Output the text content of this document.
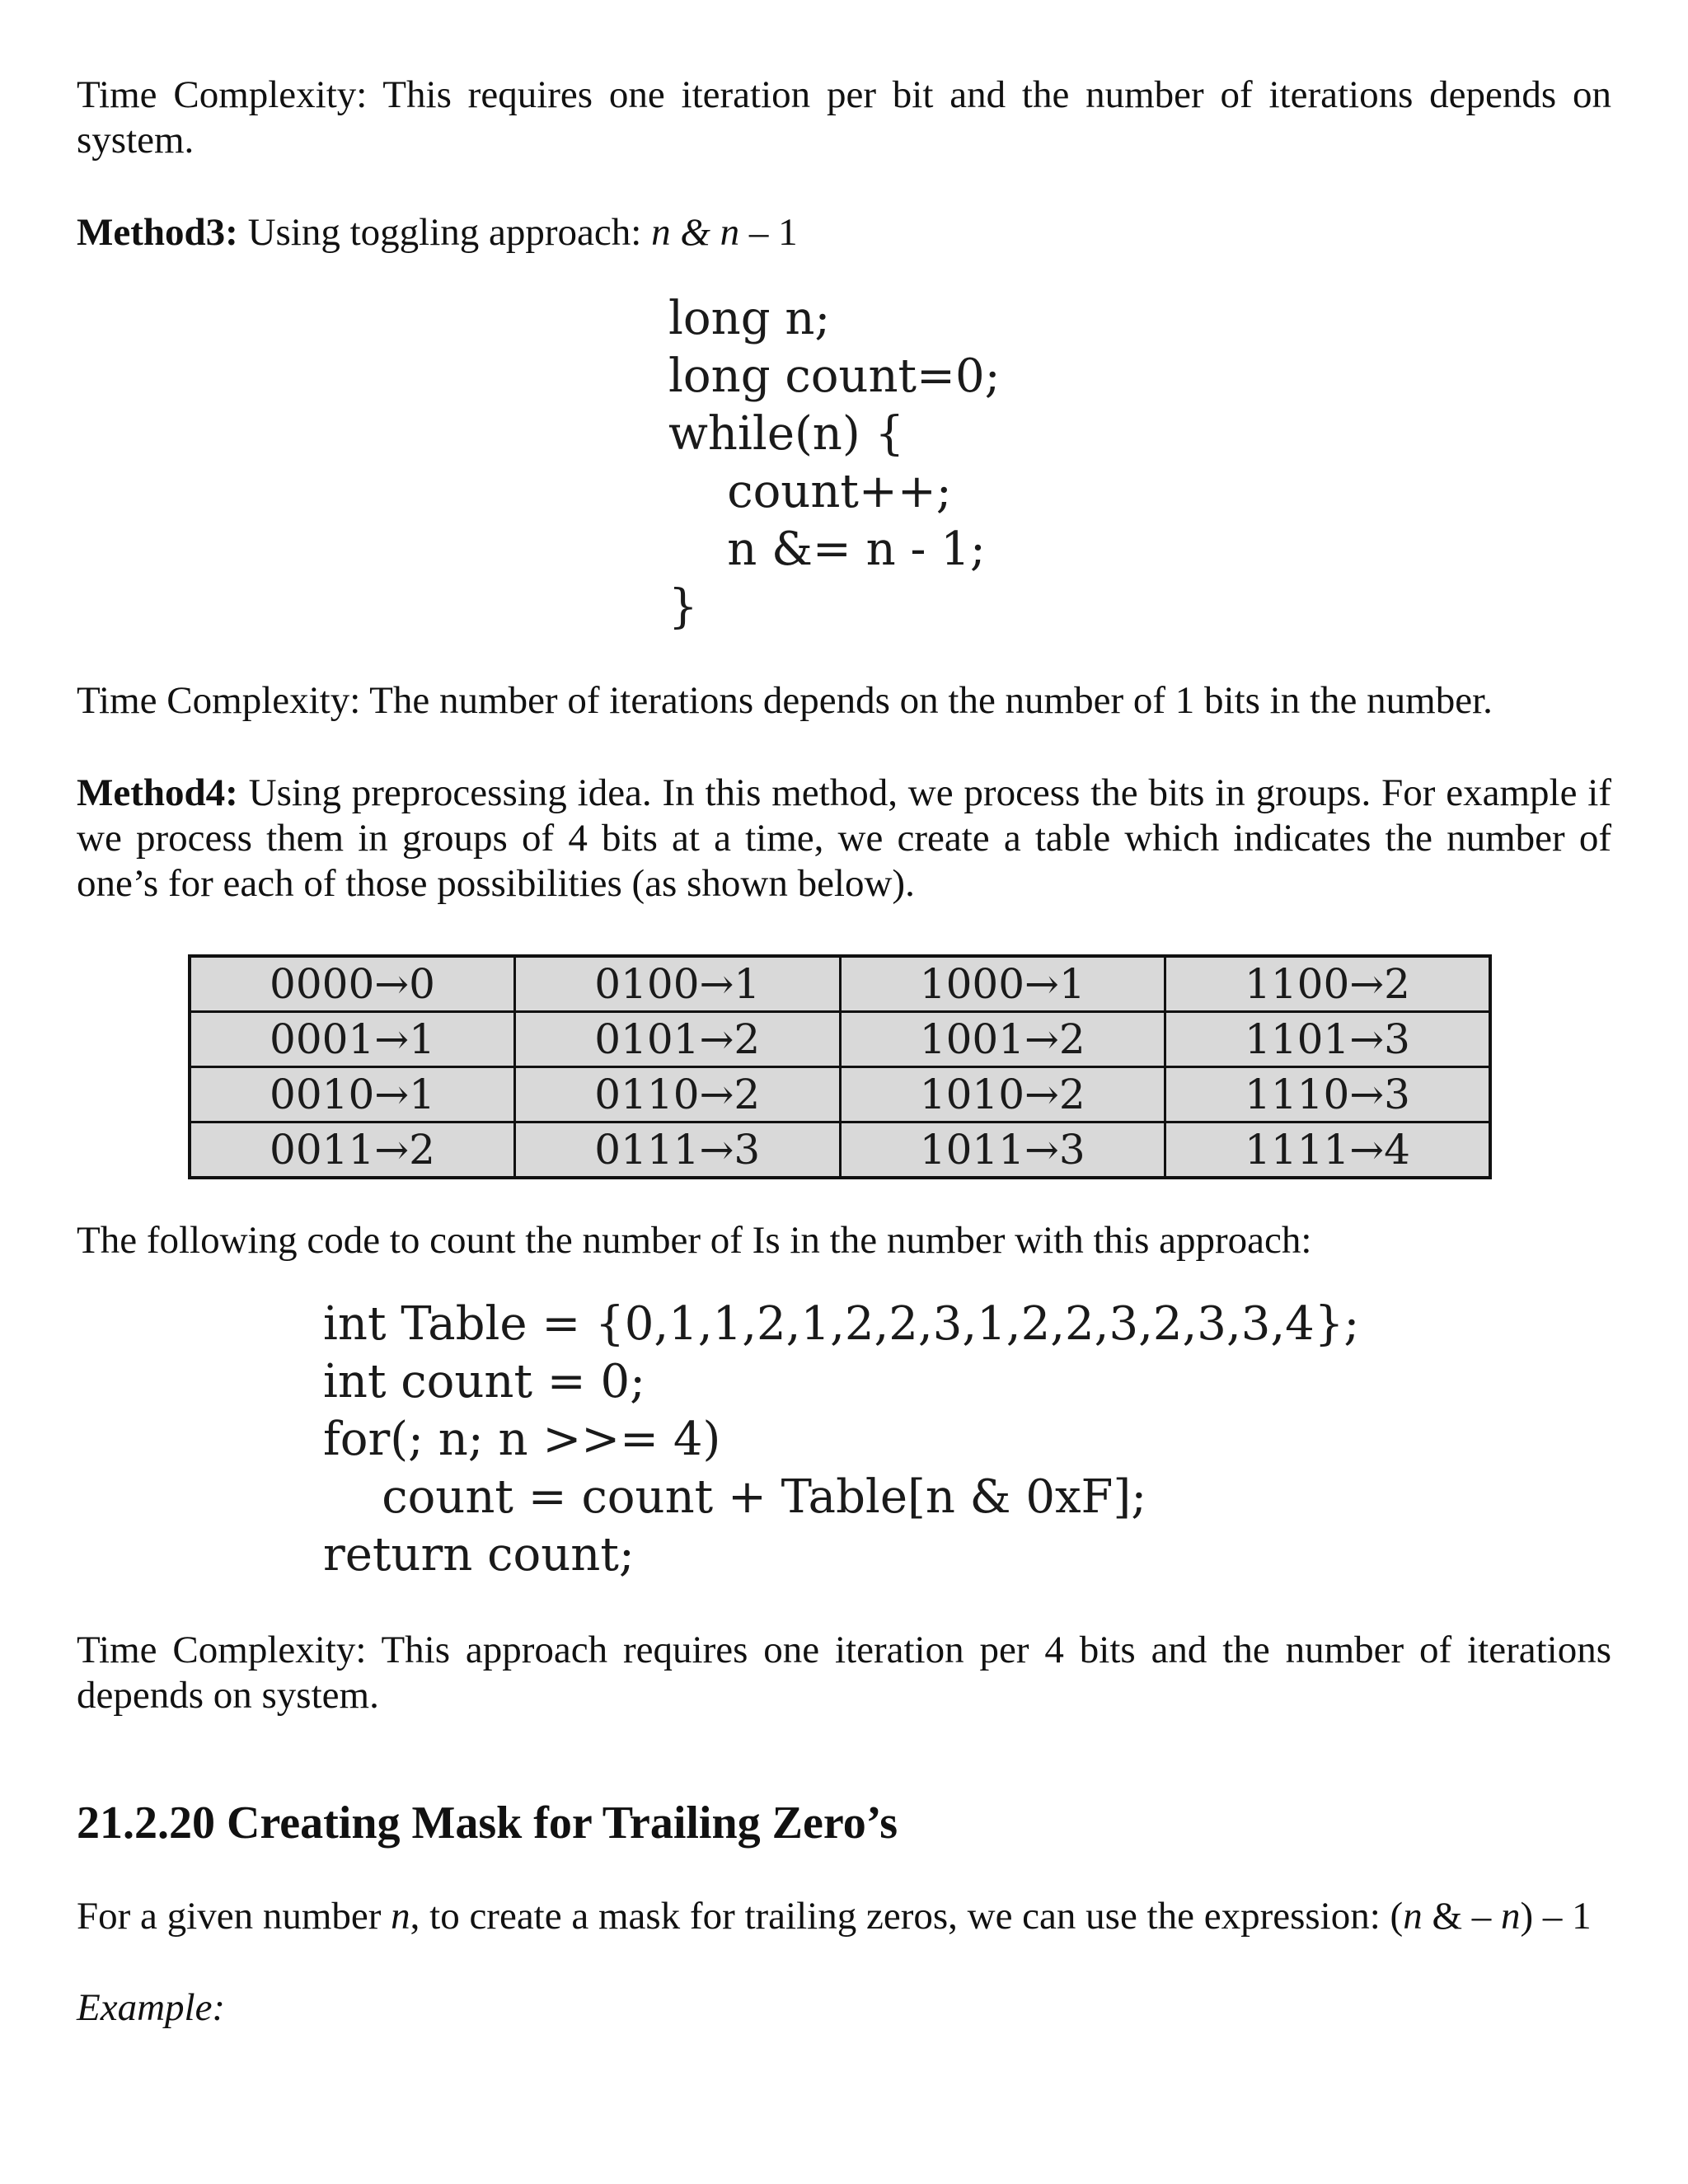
Time Complexity: This requires one iteration per bit and the number of iterations depends on system.

Method3: Using toggling approach: n & n – 1

long n;
long count=0;
while(n) {
count++;
n &= n - 1;
}

Time Complexity: The number of iterations depends on the number of 1 bits in the number.

Method4: Using preprocessing idea. In this method, we process the bits in groups. For example if we process them in groups of 4 bits at a time, we create a table which indicates the number of one’s for each of those possibilities (as shown below).

0000→0	0100→1	1000→1	1100→2
0001→1	0101→2	1001→2	1101→3
0010→1	0110→2	1010→2	1110→3
0011→2	0111→3	1011→3	1111→4

The following code to count the number of Is in the number with this approach:

int Table = {0,1,1,2,1,2,2,3,1,2,2,3,2,3,3,4};
int count = 0;
for(; n; n >>= 4)
count = count + Table[n & 0xF];
return count;

Time Complexity: This approach requires one iteration per 4 bits and the number of iterations depends on system.

21.2.20 Creating Mask for Trailing Zero’s

For a given number n, to create a mask for trailing zeros, we can use the expression: (n & – n) – 1

Example:
